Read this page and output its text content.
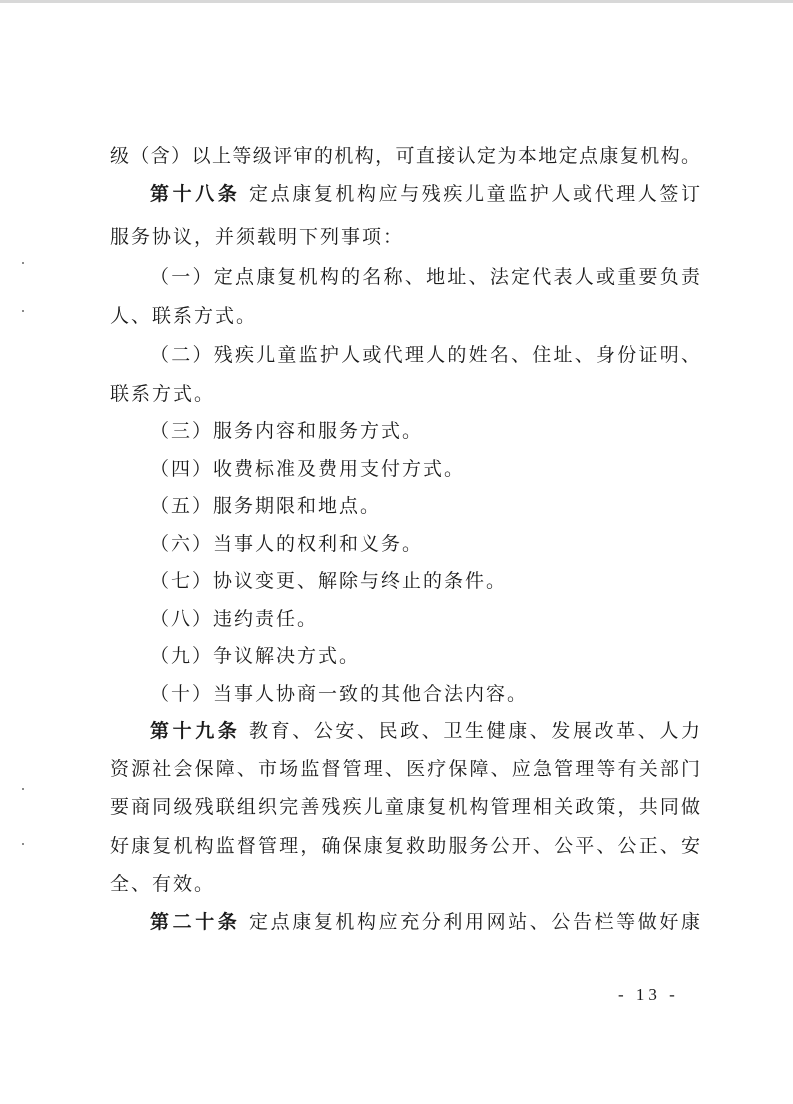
级（含）以上等级评审的机构，可直接认定为本地定点康复机构。

第十八条 定点康复机构应与残疾儿童监护人或代理人签订

服务协议，并须载明下列事项：

（一）定点康复机构的名称、地址、法定代表人或重要负责

人、联系方式。

（二）残疾儿童监护人或代理人的姓名、住址、身份证明、

联系方式。

（三）服务内容和服务方式。

（四）收费标准及费用支付方式。

（五）服务期限和地点。

（六）当事人的权利和义务。

（七）协议变更、解除与终止的条件。

（八）违约责任。

（九）争议解决方式。

（十）当事人协商一致的其他合法内容。

第十九条 教育、公安、民政、卫生健康、发展改革、人力

资源社会保障、市场监督管理、医疗保障、应急管理等有关部门

要商同级残联组织完善残疾儿童康复机构管理相关政策，共同做

好康复机构监督管理，确保康复救助服务公开、公平、公正、安

全、有效。

第二十条 定点康复机构应充分利用网站、公告栏等做好康

- 13 -
